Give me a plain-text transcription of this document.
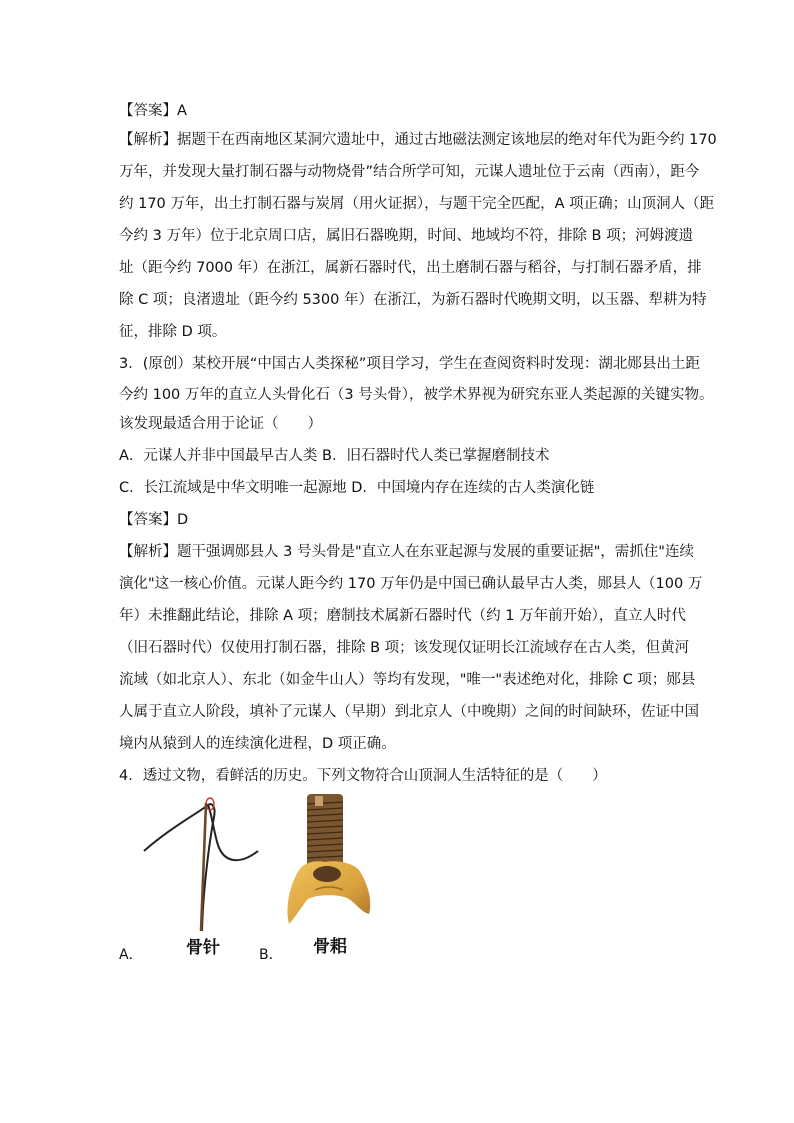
【答案】A
【解析】据题干在西南地区某洞穴遗址中，通过古地磁法测定该地层的绝对年代为距今约 170
万年，并发现大量打制石器与动物烧骨”结合所学可知，元谋人遗址位于云南（西南），距今
约 170 万年，出土打制石器与炭屑（用火证据），与题干完全匹配，A 项正确；山顶洞人（距
今约 3 万年）位于北京周口店，属旧石器晚期，时间、地域均不符，排除 B 项；河姆渡遗
址（距今约 7000 年）在浙江，属新石器时代，出土磨制石器与稻谷，与打制石器矛盾，排
除 C 项；良渚遗址（距今约 5300 年）在浙江，为新石器时代晚期文明，以玉器、犁耕为特
征，排除 D 项。
3．(原创）某校开展“中国古人类探秘”项目学习，学生在查阅资料时发现：湖北郧县出土距
今约 100 万年的直立人头骨化石（3 号头骨），被学术界视为研究东亚人类起源的关键实物。
该发现最适合用于论证（　　）
A．元谋人并非中国最早古人类 B．旧石器时代人类已掌握磨制技术
C．长江流域是中华文明唯一起源地 D．中国境内存在连续的古人类演化链
【答案】D
【解析】题干强调郧县人 3 号头骨是"直立人在东亚起源与发展的重要证据"，需抓住"连续
演化"这一核心价值。元谋人距今约 170 万年仍是中国已确认最早古人类，郧县人（100 万
年）未推翻此结论，排除 A 项；磨制技术属新石器时代（约 1 万年前开始），直立人时代
（旧石器时代）仅使用打制石器，排除 B 项；该发现仅证明长江流域存在古人类，但黄河
流域（如北京人）、东北（如金牛山人）等均有发现，"唯一"表述绝对化，排除 C 项；郧县
人属于直立人阶段，填补了元谋人（早期）到北京人（中晚期）之间的时间缺环，佐证中国
境内从猿到人的连续演化进程，D 项正确。
4．透过文物，看鲜活的历史。下列文物符合山顶洞人生活特征的是（　　）
骨针
A．	骨耜
B．
